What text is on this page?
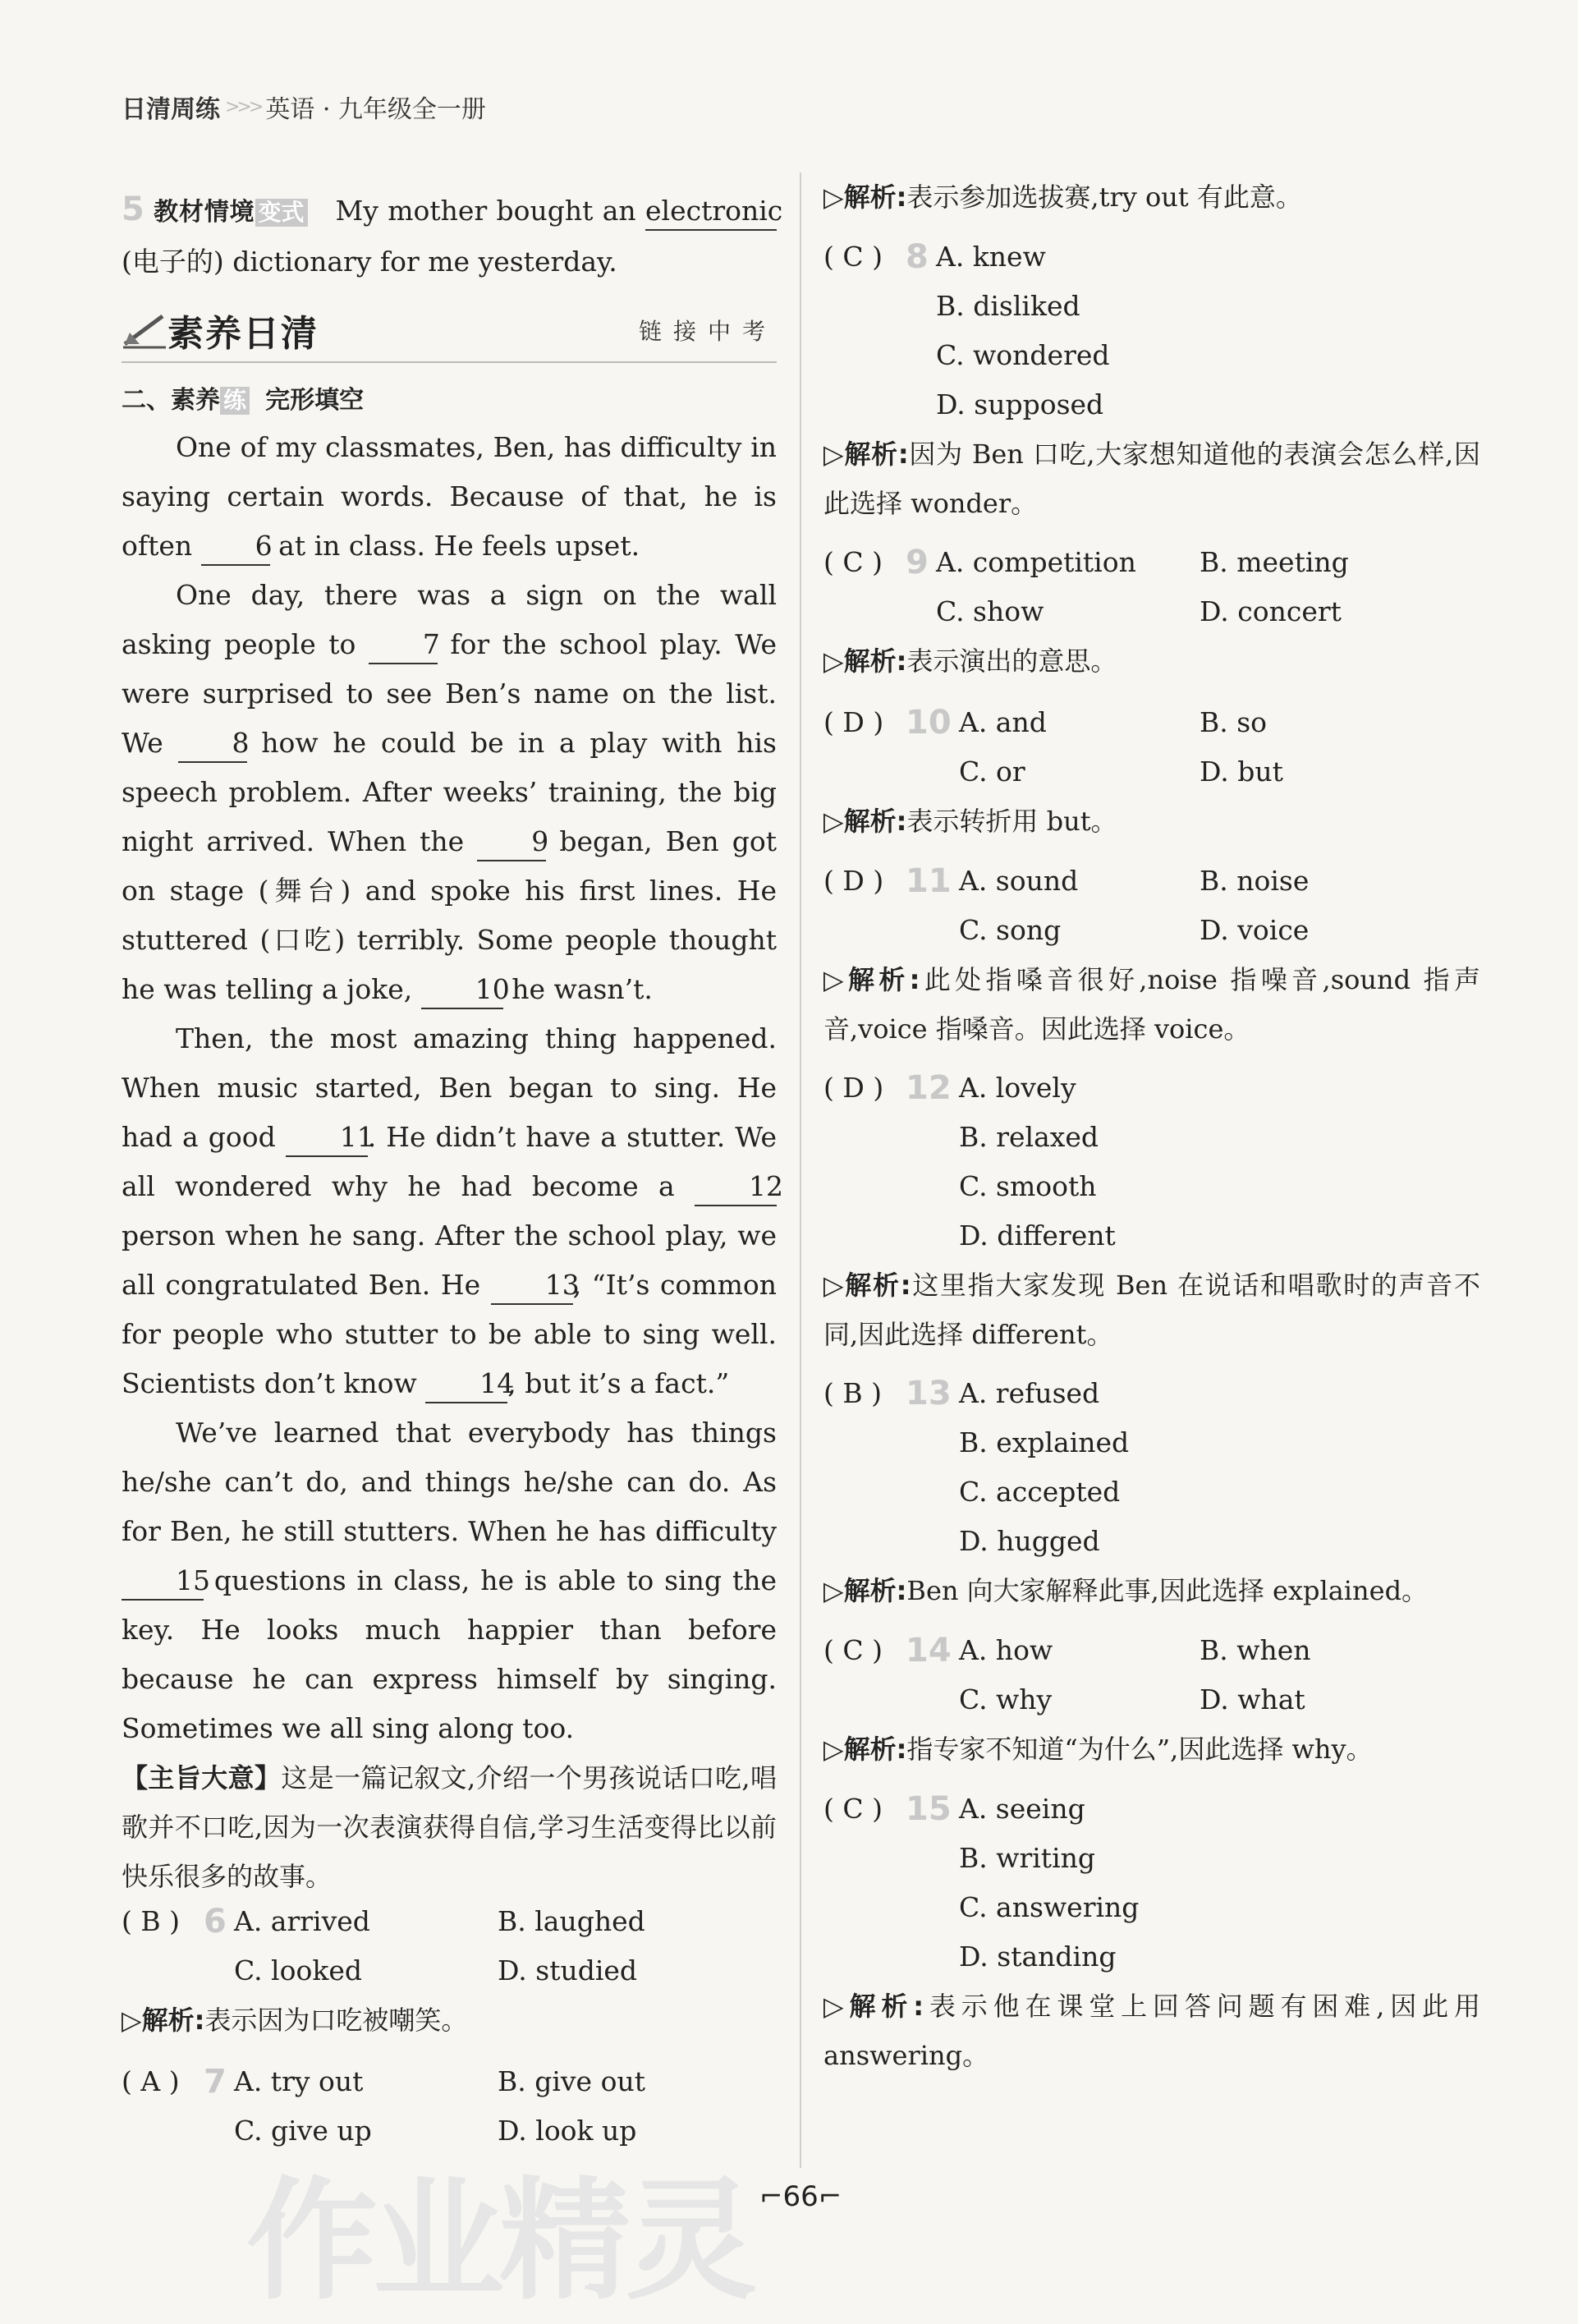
日清周练 >>> 英语 · 九年级全一册
5 教材情境 变式 My mother bought an electronic (电子的) dictionary for me yesterday.
素养日清	链接中考
二、素养 练 完形填空
One of my classmates, Ben, has difficulty in saying certain words. Because of that, he is often 6 at in class. He feels upset.
One day, there was a sign on the wall asking people to 7 for the school play. We were surprised to see Ben’s name on the list. We	8 how he could be in a play with his speech problem. After weeks’ training, the big night arrived. When the 9 began, Ben got on stage (舞台) and spoke his first lines. He stuttered (口吃) terribly. Some people thought he was telling a joke, 10 he wasn’t.
Then, the most amazing thing happened. When music started, Ben began to sing. He had a good 11. He didn’t have a stutter. We all wondered why he had become a	12 person when he sang. After the school play, we all congratulated Ben. He 13, “It’s common for people who stutter to be able to sing well. Scientists don’t know 14, but it’s a fact.”
We’ve learned that everybody has things he/she can’t do, and things he/she can do. As for Ben, he still stutters. When he has difficulty 15 questions in class, he is able to sing the key. He looks much happier than before because he can express himself by singing. Sometimes we all sing along too.
【主旨大意】这是一篇记叙文,介绍一个男孩说话口吃,唱歌并不口吃,因为一次表演获得自信,学习生活变得比以前快乐很多的故事。
( B ) 6 A. arrived	B. laughed
C. looked	D. studied
▷解析:表示因为口吃被嘲笑。
( A ) 7 A. try out	B. give out
C. give up	D. look up
▷解析:表示参加选拔赛,try out 有此意。
( C ) 8 A. knew
B. disliked
C. wondered
D. supposed
▷解析:因为 Ben 口吃,大家想知道他的表演会怎么样,因此选择 wonder。
( C ) 9 A. competition B. meeting
C. show	D. concert
▷解析:表示演出的意思。
( D ) 10 A. and	B. so
C. or	D. but
▷解析:表示转折用 but。
( D ) 11 A. sound	B. noise
C. song	D. voice
▷解析:此处指嗓音很好,noise 指噪音,sound 指声音,voice 指嗓音。因此选择 voice。
( D ) 12 A. lovely
B. relaxed
C. smooth
D. different
▷解析:这里指大家发现 Ben 在说话和唱歌时的声音不同,因此选择 different。
( B ) 13 A. refused
B. explained
C. accepted
D. hugged
▷解析:Ben 向大家解释此事,因此选择 explained。
( C ) 14 A. how	B. when
C. why	D. what
▷解析:指专家不知道“为什么”,因此选择 why。
( C ) 15 A. seeing
B. writing
C. answering
D. standing
▷解析:表示他在课堂上回答问题有困难,因此用 answering。
作业精灵 ⌐66⌐
